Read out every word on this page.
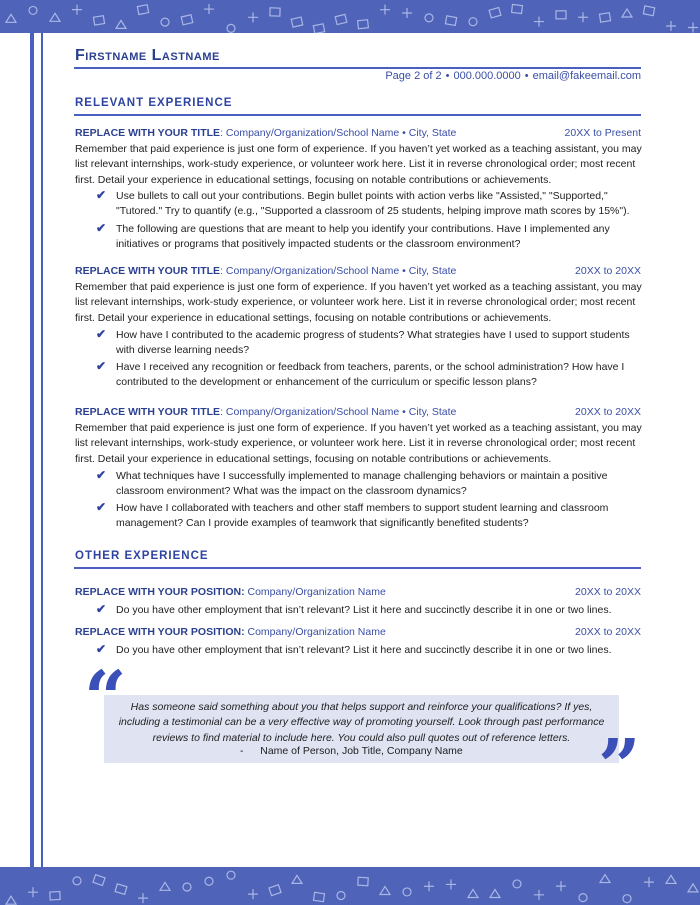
Firstname Lastname
Page 2 of 2 • 000.000.0000 • email@fakeemail.com
RELEVANT EXPERIENCE
REPLACE WITH YOUR TITLE: Company/Organization/School Name • City, State	20XX to Present
Remember that paid experience is just one form of experience. If you haven’t yet worked as a teaching assistant, you may list relevant internships, work-study experience, or volunteer work here. List it in reverse chronological order; most recent first. Detail your experience in educational settings, focusing on notable contributions or achievements.
✔ Use bullets to call out your contributions. Begin bullet points with action verbs like "Assisted," "Supported," "Tutored." Try to quantify (e.g., "Supported a classroom of 25 students, helping improve math scores by 15%").
✔ The following are questions that are meant to help you identify your contributions. Have I implemented any initiatives or programs that positively impacted students or the classroom environment?
REPLACE WITH YOUR TITLE: Company/Organization/School Name • City, State	20XX to 20XX
Remember that paid experience is just one form of experience. If you haven’t yet worked as a teaching assistant, you may list relevant internships, work-study experience, or volunteer work here. List it in reverse chronological order; most recent first. Detail your experience in educational settings, focusing on notable contributions or achievements.
✔ How have I contributed to the academic progress of students? What strategies have I used to support students with diverse learning needs?
✔ Have I received any recognition or feedback from teachers, parents, or the school administration? How have I contributed to the development or enhancement of the curriculum or specific lesson plans?
REPLACE WITH YOUR TITLE: Company/Organization/School Name • City, State	20XX to 20XX
Remember that paid experience is just one form of experience. If you haven’t yet worked as a teaching assistant, you may list relevant internships, work-study experience, or volunteer work here. List it in reverse chronological order; most recent first. Detail your experience in educational settings, focusing on notable contributions or achievements.
✔ What techniques have I successfully implemented to manage challenging behaviors or maintain a positive classroom environment? What was the impact on the classroom dynamics?
✔ How have I collaborated with teachers and other staff members to support student learning and classroom management? Can I provide examples of teamwork that significantly benefited students?
OTHER EXPERIENCE
REPLACE WITH YOUR POSITION: Company/Organization Name	20XX to 20XX
✔ Do you have other employment that isn’t relevant? List it here and succinctly describe it in one or two lines.
REPLACE WITH YOUR POSITION: Company/Organization Name	20XX to 20XX
✔ Do you have other employment that isn’t relevant? List it here and succinctly describe it in one or two lines.
Has someone said something about you that helps support and reinforce your qualifications? If yes, including a testimonial can be a very effective way of promoting yourself. Look through past performance reviews to find material to include here. You could also pull quotes out of reference letters.
- Name of Person, Job Title, Company Name
“
”
